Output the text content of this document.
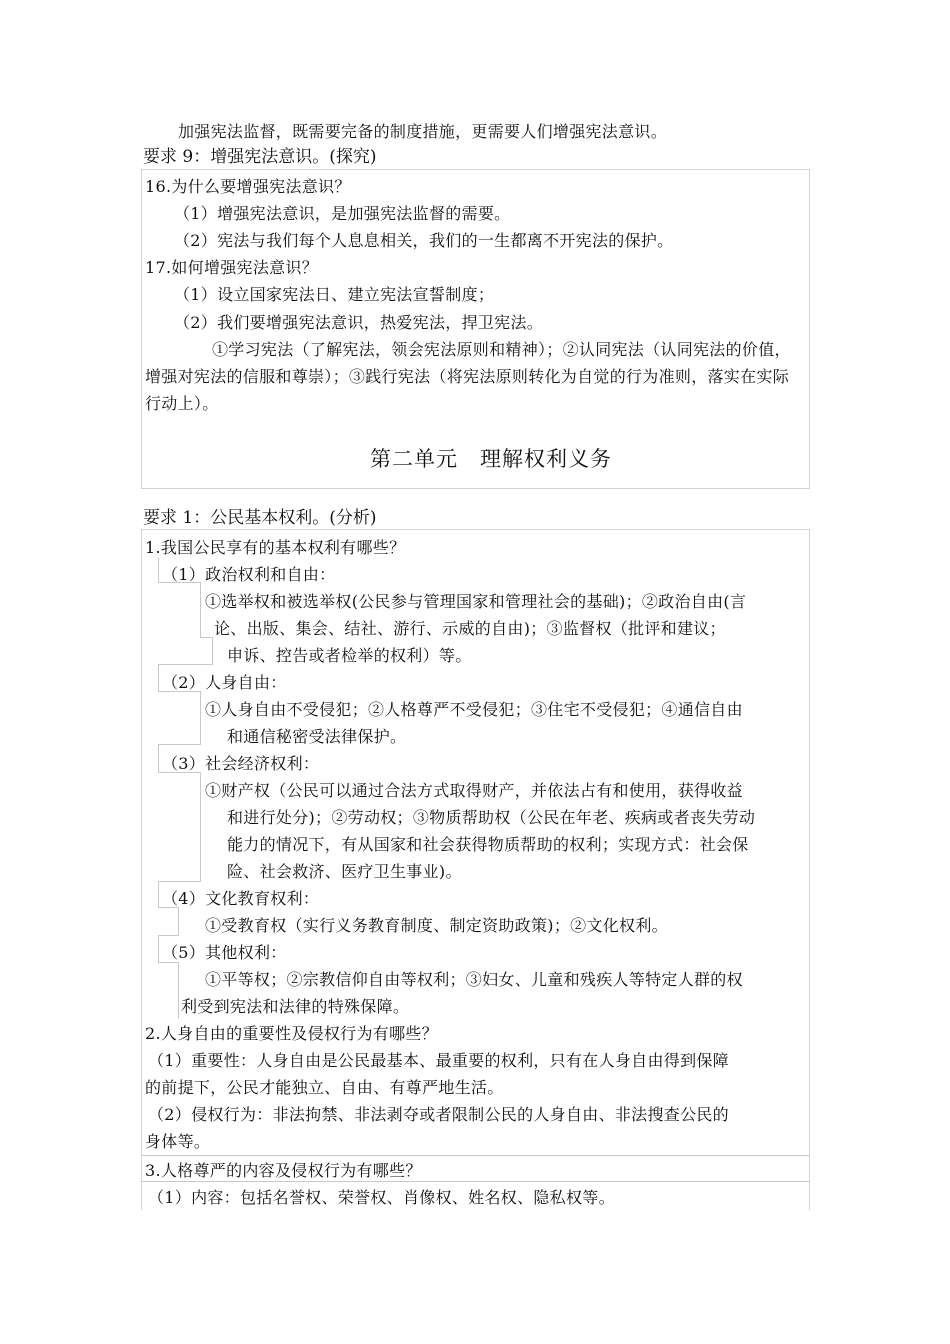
加强宪法监督，既需要完备的制度措施，更需要人们增强宪法意识。
要求 9：增强宪法意识。(探究)
16.为什么要增强宪法意识？
（1）增强宪法意识，是加强宪法监督的需要。
（2）宪法与我们每个人息息相关，我们的一生都离不开宪法的保护。
17.如何增强宪法意识？
（1）设立国家宪法日、建立宪法宣誓制度；
（2）我们要增强宪法意识，热爱宪法，捍卫宪法。
①学习宪法（了解宪法，领会宪法原则和精神）；②认同宪法（认同宪法的价值，
增强对宪法的信服和尊崇）；③践行宪法（将宪法原则转化为自觉的行为准则，落实在实际
行动上）。
第二单元　理解权利义务
要求 1：公民基本权利。(分析)
1.我国公民享有的基本权利有哪些？
（1）政治权利和自由：
①选举权和被选举权(公民参与管理国家和管理社会的基础)；②政治自由(言
论、出版、集会、结社、游行、示威的自由)；③监督权（批评和建议；
申诉、控告或者检举的权利）等。
（2）人身自由：
①人身自由不受侵犯；②人格尊严不受侵犯；③住宅不受侵犯；④通信自由
和通信秘密受法律保护。
（3）社会经济权利：
①财产权（公民可以通过合法方式取得财产，并依法占有和使用，获得收益
和进行处分)；②劳动权；③物质帮助权（公民在年老、疾病或者丧失劳动
能力的情况下，有从国家和社会获得物质帮助的权利；实现方式：社会保
险、社会救济、医疗卫生事业)。
（4）文化教育权利：
①受教育权（实行义务教育制度、制定资助政策)；②文化权利。
（5）其他权利：
①平等权；②宗教信仰自由等权利；③妇女、儿童和残疾人等特定人群的权
利受到宪法和法律的特殊保障。
2.人身自由的重要性及侵权行为有哪些？
（1）重要性：人身自由是公民最基本、最重要的权利，只有在人身自由得到保障
的前提下，公民才能独立、自由、有尊严地生活。
（2）侵权行为：非法拘禁、非法剥夺或者限制公民的人身自由、非法搜查公民的
身体等。
3.人格尊严的内容及侵权行为有哪些？
（1）内容：包括名誉权、荣誉权、肖像权、姓名权、隐私权等。
